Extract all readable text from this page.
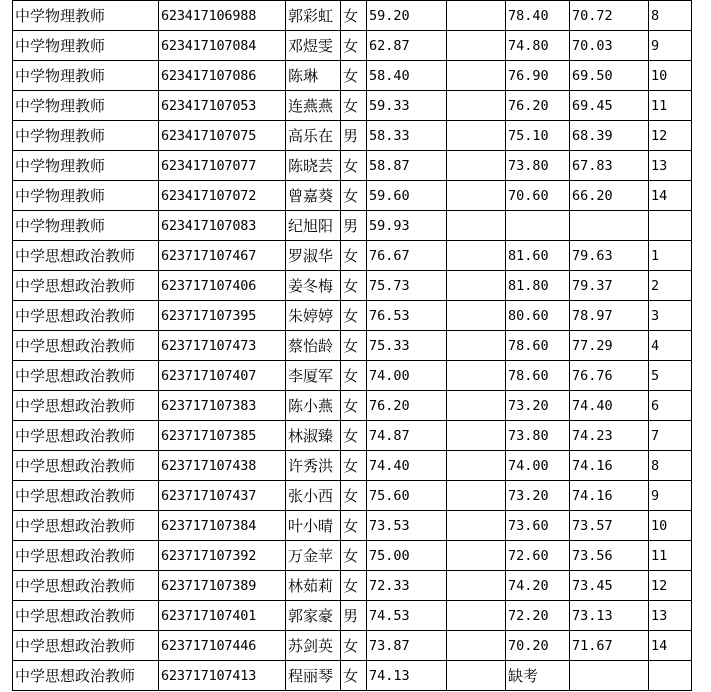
中学物理教师	623417106988	郭彩虹	女	59.20		78.40	70.72	8
中学物理教师	623417107084	邓煜雯	女	62.87		74.80	70.03	9
中学物理教师	623417107086	陈琳	女	58.40		76.90	69.50	10
中学物理教师	623417107053	连燕燕	女	59.33		76.20	69.45	11
中学物理教师	623417107075	高乐在	男	58.33		75.10	68.39	12
中学物理教师	623417107077	陈晓芸	女	58.87		73.80	67.83	13
中学物理教师	623417107072	曾嘉葵	女	59.60		70.60	66.20	14
中学物理教师	623417107083	纪旭阳	男	59.93				
中学思想政治教师	623717107467	罗淑华	女	76.67		81.60	79.63	1
中学思想政治教师	623717107406	姜冬梅	女	75.73		81.80	79.37	2
中学思想政治教师	623717107395	朱婷婷	女	76.53		80.60	78.97	3
中学思想政治教师	623717107473	蔡怡龄	女	75.33		78.60	77.29	4
中学思想政治教师	623717107407	李厦军	女	74.00		78.60	76.76	5
中学思想政治教师	623717107383	陈小燕	女	76.20		73.20	74.40	6
中学思想政治教师	623717107385	林淑臻	女	74.87		73.80	74.23	7
中学思想政治教师	623717107438	许秀洪	女	74.40		74.00	74.16	8
中学思想政治教师	623717107437	张小西	女	75.60		73.20	74.16	9
中学思想政治教师	623717107384	叶小晴	女	73.53		73.60	73.57	10
中学思想政治教师	623717107392	万金苹	女	75.00		72.60	73.56	11
中学思想政治教师	623717107389	林茹莉	女	72.33		74.20	73.45	12
中学思想政治教师	623717107401	郭家豪	男	74.53		72.20	73.13	13
中学思想政治教师	623717107446	苏剑英	女	73.87		70.20	71.67	14
中学思想政治教师	623717107413	程丽琴	女	74.13		缺考		
